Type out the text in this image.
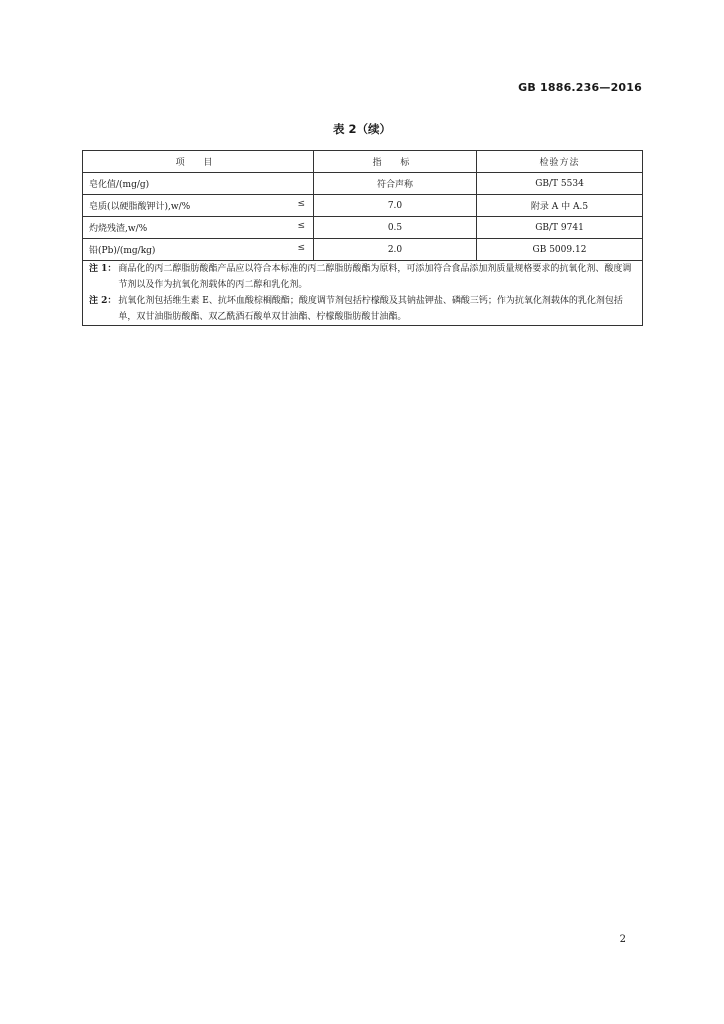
GB 1886.236—2016
表 2（续）
项 目	指 标	检验方法
皂化值/(mg/g)	符合声称	GB/T 5534
皂质(以硬脂酸钾计),w/% ≤	7.0	附录 A 中 A.5
灼烧残渣,w/% ≤	0.5	GB/T 9741
铅(Pb)/(mg/kg) ≤	2.0	GB 5009.12

注 1： 商品化的丙二醇脂肪酸酯产品应以符合本标准的丙二醇脂肪酸酯为原料，可添加符合食品添加剂质量规格要求的抗氧化剂、酸度调节剂以及作为抗氧化剂载体的丙二醇和乳化剂。
注 2： 抗氧化剂包括维生素 E、抗坏血酸棕榈酸酯；酸度调节剂包括柠檬酸及其钠盐钾盐、磷酸三钙；作为抗氧化剂载体的乳化剂包括单，双甘油脂肪酸酯、双乙酰酒石酸单双甘油酯、柠檬酸脂肪酸甘油酯。		
2
